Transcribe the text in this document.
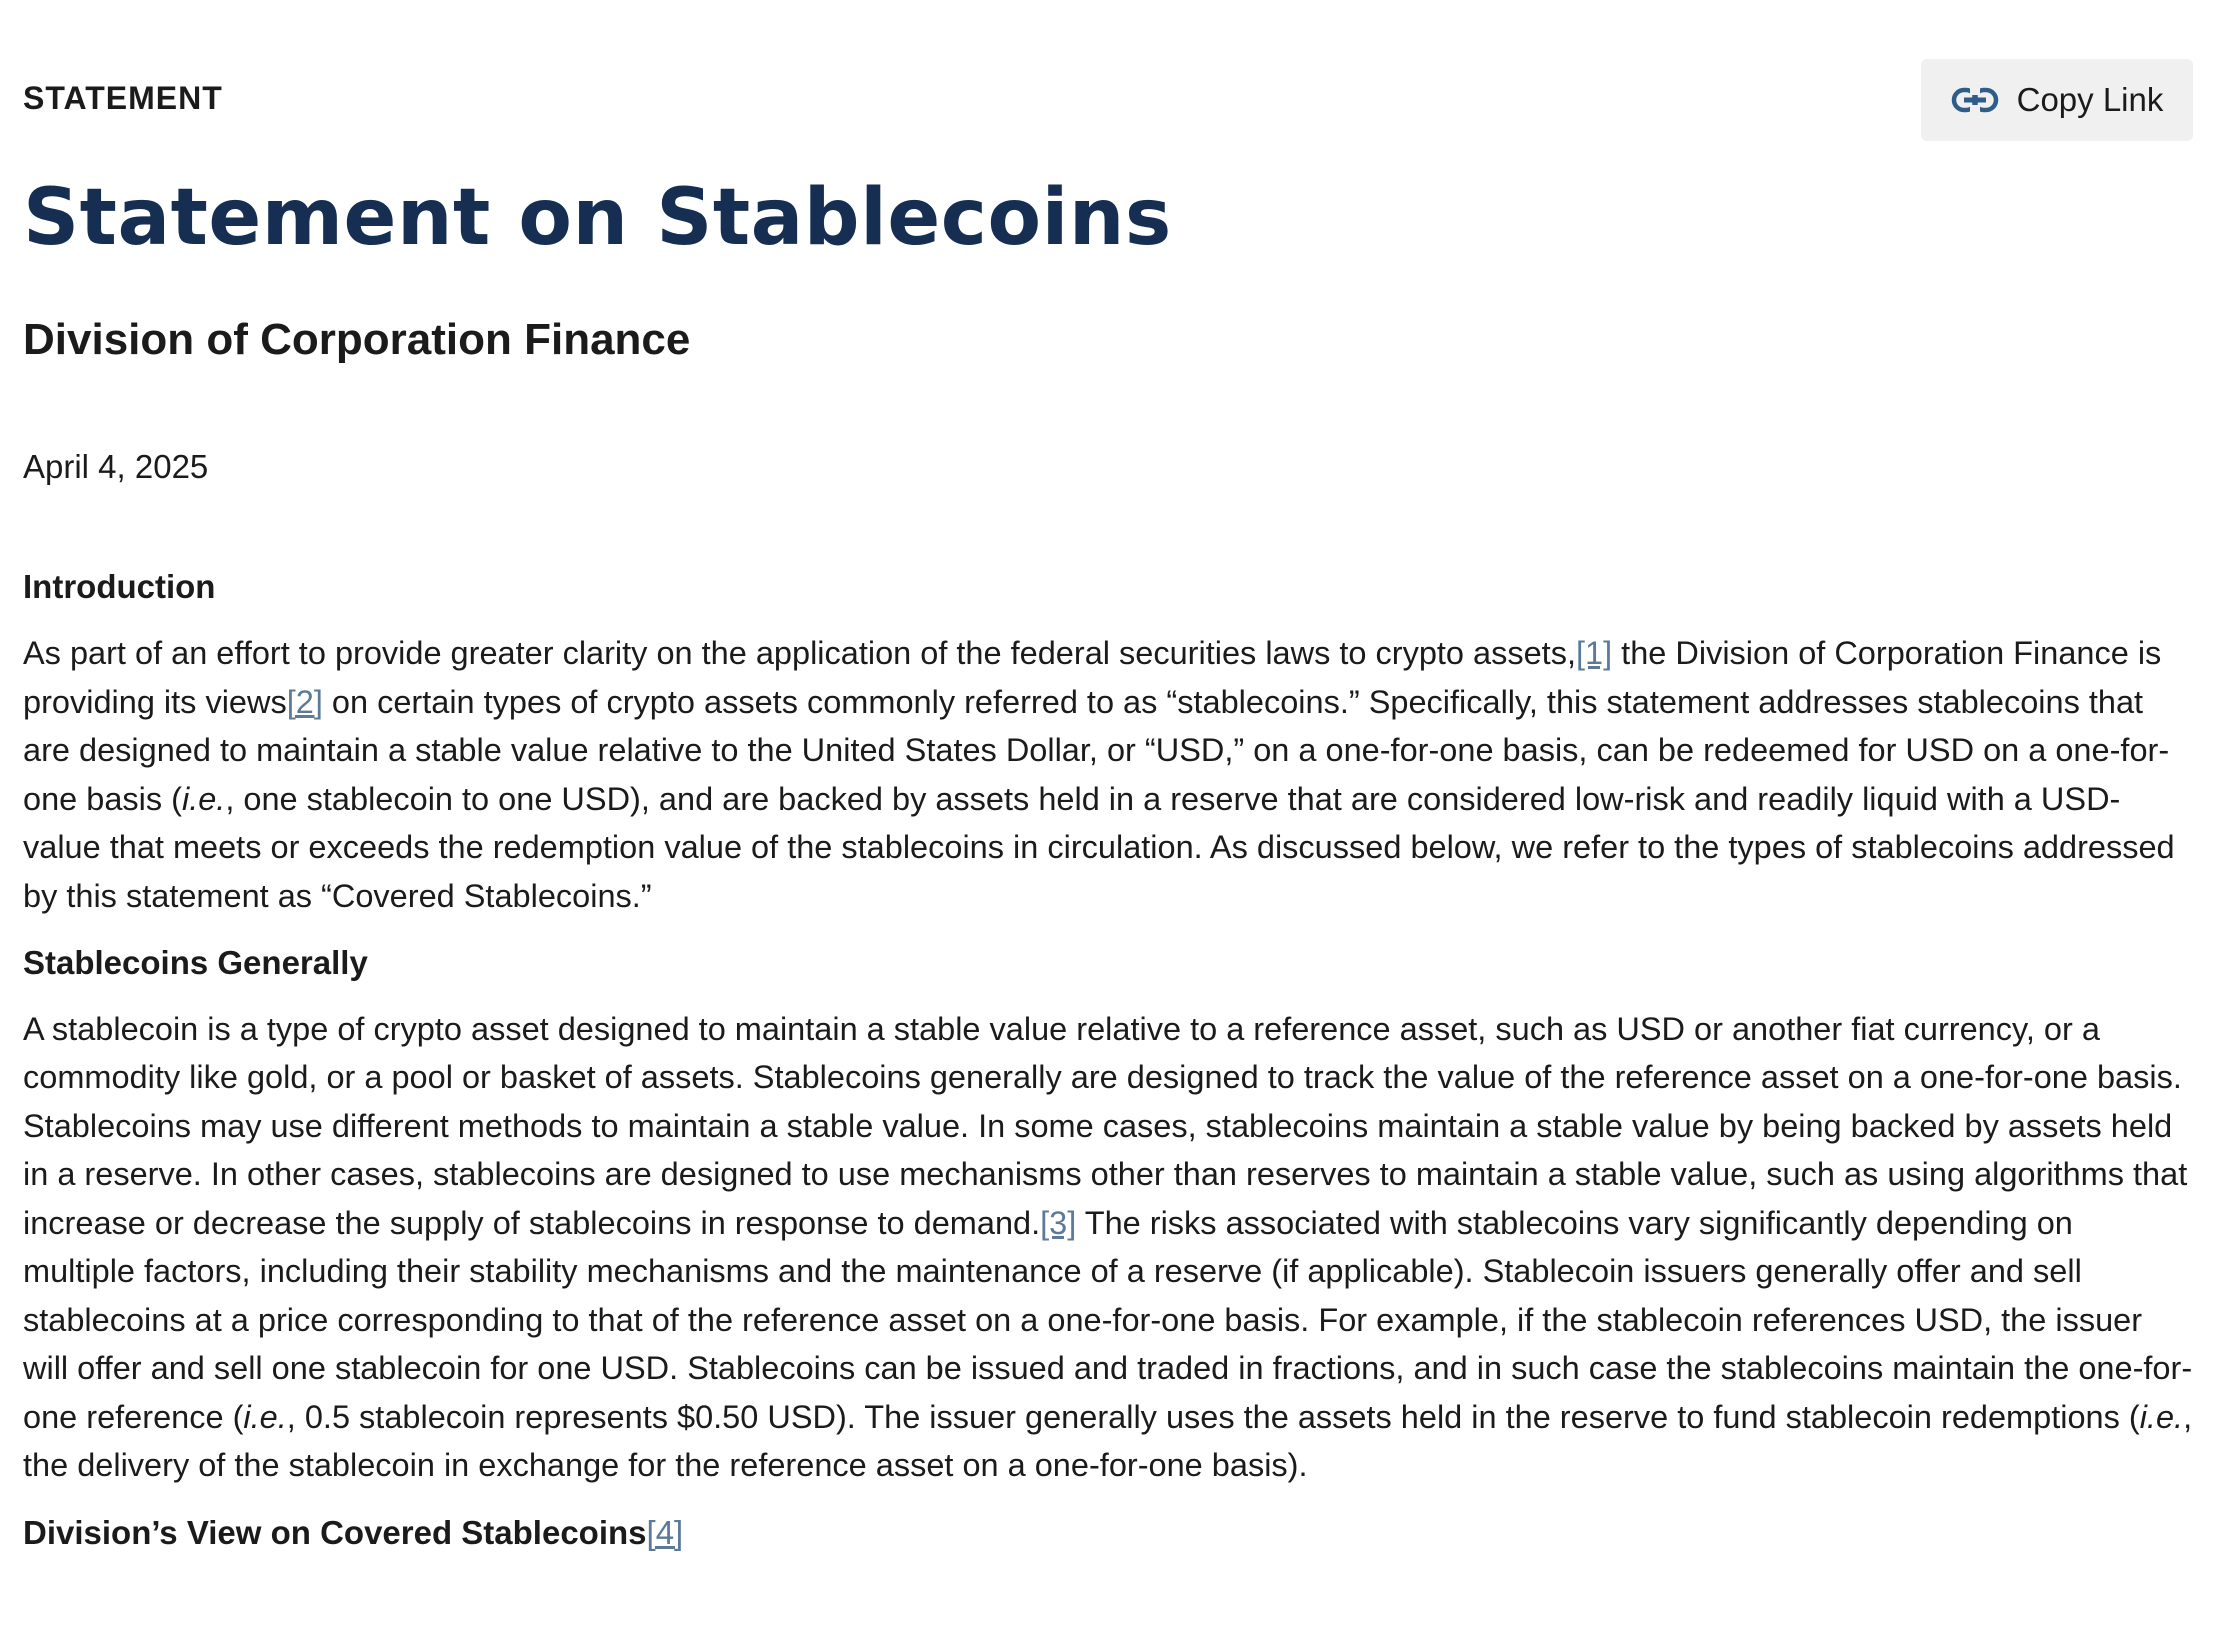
STATEMENT	Copy Link
Statement on Stablecoins
Division of Corporation Finance
April 4, 2025
Introduction

As part of an effort to provide greater clarity on the application of the federal securities laws to crypto assets,[1] the Division of Corporation Finance is providing its views[2] on certain types of crypto assets commonly referred to as “stablecoins.” Specifically, this statement addresses stablecoins that are designed to maintain a stable value relative to the United States Dollar, or “USD,” on a one-for-one basis, can be redeemed for USD on a one-for-one basis (i.e., one stablecoin to one USD), and are backed by assets held in a reserve that are considered low-risk and readily liquid with a USD-value that meets or exceeds the redemption value of the stablecoins in circulation. As discussed below, we refer to the types of stablecoins addressed by this statement as “Covered Stablecoins.”

Stablecoins Generally

A stablecoin is a type of crypto asset designed to maintain a stable value relative to a reference asset, such as USD or another fiat currency, or a commodity like gold, or a pool or basket of assets. Stablecoins generally are designed to track the value of the reference asset on a one-for-one basis. Stablecoins may use different methods to maintain a stable value. In some cases, stablecoins maintain a stable value by being backed by assets held in a reserve. In other cases, stablecoins are designed to use mechanisms other than reserves to maintain a stable value, such as using algorithms that increase or decrease the supply of stablecoins in response to demand.[3] The risks associated with stablecoins vary significantly depending on multiple factors, including their stability mechanisms and the maintenance of a reserve (if applicable). Stablecoin issuers generally offer and sell stablecoins at a price corresponding to that of the reference asset on a one-for-one basis. For example, if the stablecoin references USD, the issuer will offer and sell one stablecoin for one USD. Stablecoins can be issued and traded in fractions, and in such case the stablecoins maintain the one-for-one reference (i.e., 0.5 stablecoin represents $0.50 USD). The issuer generally uses the assets held in the reserve to fund stablecoin redemptions (i.e., the delivery of the stablecoin in exchange for the reference asset on a one-for-one basis).

Division’s View on Covered Stablecoins[4]
